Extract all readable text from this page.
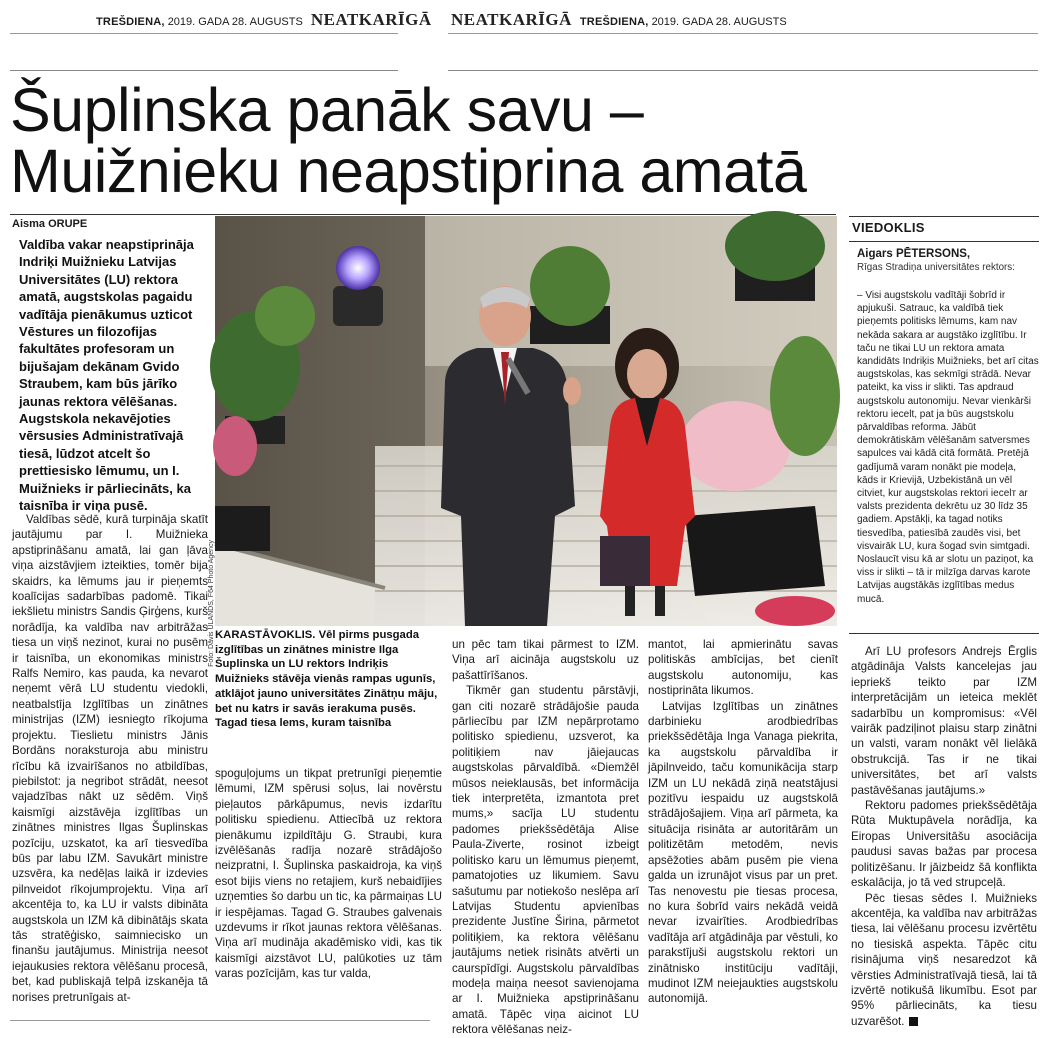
TREŠDIENA, 2019. GADA 28. AUGUSTS NEATKARĪGĀ NEATKARĪGĀ TREŠDIENA, 2019. GADA 28. AUGUSTS
Šuplinska panāk savu –
Muižnieku neapstiprina amatā
Aisma ORUPE
Valdība vakar neapstiprināja Indriķi Muižnieku Latvijas Universitātes (LU) rektora amatā, augstskolas pagaidu vadītāja pienākumus uzticot Vēstures un filozofijas fakultātes profesoram un bijušajam dekānam Gvido Straubem, kam būs jārīko jaunas rektora vēlēšanas. Augstskola nekavējoties vērsusies Administratīvajā tiesā, lūdzot atcelt šo prettiesisko lēmumu, un I. Muižnieks ir pārliecināts, ka taisnība ir viņa pusē.

Valdības sēdē, kurā turpināja skatīt jautājumu par I. Muižnieka apstiprināšanu amatā, lai gan ļāva viņa aizstāvjiem izteikties, tomēr bija skaidrs, ka lēmums jau ir pieņemts koalīcijas sadarbības padomē. Tikai iekšlietu ministrs Sandis Ģirģens, kurš norādīja, ka valdība nav arbitrāžas tiesa un viņš nezinot, kurai no pusēm ir taisnība, un ekonomikas ministrs Ralfs Nemiro, kas pauda, ka nevarot neņemt vērā LU studentu viedokli, neatbalstīja Izglītības un zinātnes ministrijas (IZM) iesniegto rīkojuma projektu. Tieslietu ministrs Jānis Bordāns noraksturoja abu ministru rīcību kā izvairīšanos no atbildības, piebilstot: ja negribot strādāt, neesot vajadzības nākt uz sēdēm. Viņš kaismīgi aizstāvēja izglītības un zinātnes ministres Ilgas Šuplinskas pozīciju, uzskatot, ka arī tiesvedība būs par labu IZM. Savukārt ministre uzsvēra, ka nedēļas laikā ir izdevies pilnveidot rīkojumprojektu. Viņa arī akcentēja to, ka LU ir valsts dibināta augstskola un IZM kā dibinātājs skata tās stratēģisko, saimniecisko un finanšu jautājumus. Ministrija neesot iejaukusies rektora vēlēšanu procesā, bet, kad publiskajā telpā izskanēja tā norises pretrunīgais at-

Foto: Dāvis ŪLANDS, F64 Photo Agency KARASTĀVOKLIS. Vēl pirms pusgada izglītības un zinātnes ministre Ilga Šuplinska un LU rektors Indriķis Muižnieks stāvēja vienās rampas ugunīs, atklājot jauno universitātes Zinātņu māju, bet nu katrs ir savās ierakuma pusēs. Tagad tiesa lems, kuram taisnība

spoguļojums un tikpat pretrunīgi pieņemtie lēmumi, IZM spērusi soļus, lai novērstu pieļautos pārkāpumus, nevis izdarītu politisku spiedienu. Attiecībā uz rektora pienākumu izpildītāju G. Straubi, kura izvēlēšanās radīja nozarē strādājošo neizpratni, I. Šuplinska paskaidroja, ka viņš esot bijis viens no retajiem, kurš nebaidījies uzņemties šo darbu un tic, ka pārmaiņas LU ir iespējamas. Tagad G. Straubes galvenais uzdevums ir rīkot jaunas rektora vēlēšanas. Viņa arī mudināja akadēmisko vidi, kas tik kaismīgi aizstāvot LU, palūkoties uz tām varas pozīcijām, kas tur valda,

un pēc tam tikai pārmest to IZM. Viņa arī aicināja augstskolu uz pašattīrīšanos.

Tikmēr gan studentu pārstāvji, gan citi nozarē strādājošie pauda pārliecību par IZM nepārprotamo politisko spiedienu, uzsverot, ka politiķiem nav jāiejaucas augstskolas pārvaldībā. «Diemžēl mūsos neieklausās, bet informācija tiek interpretēta, izmantota pret mums,» sacīja LU studentu padomes priekšsēdētāja Alise Paula-Ziverte, rosinot izbeigt politisko karu un lēmumus pieņemt, pamatojoties uz likumiem. Savu sašutumu par notiekošo neslēpa arī Latvijas Studentu apvienības prezidente Justīne Širina, pārmetot politiķiem, ka rektora vēlēšanu jautājums netiek risināts atvērti un caurspīdīgi. Augstskolu pārvaldības modeļa maiņa neesot savienojama ar I. Muižnieka apstiprināšanu amatā. Tāpēc viņa aicinot LU rektora vēlēšanas neiz-

mantot, lai apmierinātu savas politiskās ambīcijas, bet cienīt augstskolu autonomiju, kas nostiprināta likumos.

Latvijas Izglītības un zinātnes darbinieku arodbiedrības priekšsēdētāja Inga Vanaga piekrita, ka augstskolu pārvaldība ir jāpilnveido, taču komunikācija starp IZM un LU nekādā ziņā neatstājusi pozitīvu iespaidu uz augstskolā strādājošajiem. Viņa arī pārmeta, ka situācija risināta ar autoritārām un politizētām metodēm, nevis apsēžoties abām pusēm pie viena galda un izrunājot visus par un pret. Tas nenovestu pie tiesas procesa, no kura šobrīd vairs nekādā veidā nevar izvairīties. Arodbiedrības vadītāja arī atgādināja par vēstuli, ko parakstījuši augstskolu rektori un zinātnisko institūciju vadītāji, mudinot IZM neiejaukties augstskolu autonomijā.

VIEDOKLIS
Aigars PĒTERSONS,
Rīgas Stradiņa universitātes rektors:
– Visi augstskolu vadītāji šobrīd ir apjukuši. Satrauc, ka valdībā tiek pieņemts politisks lēmums, kam nav nekāda sakara ar augstāko izglītību. Ir taču ne tikai LU un rektora amata kandidāts Indriķis Muižnieks, bet arī citas augstskolas, kas sekmīgi strādā. Nevar pateikt, ka viss ir slikti. Tas apdraud augstskolu autonomiju. Nevar vienkārši rektoru iecelt, pat ja būs augstskolu pārvaldības reforma. Jābūt demokrātiskām vēlēšanām satversmes sapulces vai kādā citā formātā. Pretējā gadījumā varam nonākt pie modeļa, kāds ir Krievijā, Uzbekistānā un vēl citviet, kur augstskolas rektori iecelт ar valsts prezidenta dekrētu uz 30 līdz 35 gadiem. Apstākļi, ka tagad notiks tiesvedība, patiesībā zaudēs visi, bet visvairāk LU, kura šogad svin simtgadi. Noslaucīt visu kā ar slotu un paziņot, ka viss ir slikti – tā ir milzīga darvas karote Latvijas augstākās izglītības medus mucā.

Arī LU profesors Andrejs Ērglis atgādināja Valsts kancelejas jau iepriekš teikto par IZM interpretācijām un ieteica meklēt sadarbību un kompromisus: «Vēl vairāk padziļinot plaisu starp zinātni un valsti, varam nonākt vēl lielākā obstrukcijā. Tas ir ne tikai universitātes, bet arī valsts pastāvēšanas jautājums.»

Rektoru padomes priekšsēdētāja Rūta Muktupāvela norādīja, ka Eiropas Universitāšu asociācija paudusi savas bažas par procesa politizēšanu. Ir jāizbeidz šā konflikta eskalācija, jo tā ved strupceļā.

Pēc tiesas sēdes I. Muižnieks akcentēja, ka valdība nav arbitrāžas tiesa, lai vēlēšanu procesu izvērtētu no tiesiskā aspekta. Tāpēc citu risinājuma viņš nesaredzot kā vērsties Administratīvajā tiesā, lai tā izvērtē notikušā likumību. Esot par 95% pārliecināts, ka tiesu uzvarēšot.
